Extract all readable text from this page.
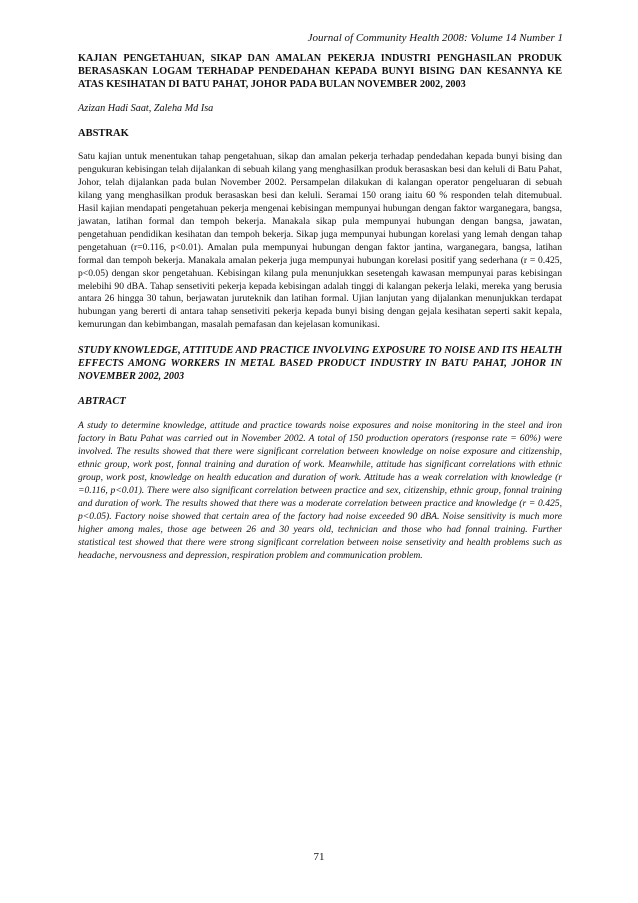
Journal of Community Health 2008: Volume 14 Number 1

KAJIAN PENGETAHUAN, SIKAP DAN AMALAN PEKERJA INDUSTRI PENGHASILAN PRODUK BERASASKAN LOGAM TERHADAP PENDEDAHAN KEPADA BUNYI BISING DAN KESANNYA KE ATAS KESIHATAN DI BATU PAHAT, JOHOR PADA BULAN NOVEMBER 2002, 2003

Azizan Hadi Saat, Zaleha Md Isa

ABSTRAK

Satu kajian untuk menentukan tahap pengetahuan, sikap dan amalan pekerja terhadap pendedahan kepada bunyi bising dan pengukuran kebisingan telah dijalankan di sebuah kilang yang menghasilkan produk berasaskan besi dan keluli di Batu Pahat, Johor, telah dijalankan pada bulan November 2002. Persampelan dilakukan di kalangan operator pengeluaran di sebuah kilang yang menghasilkan produk berasaskan besi dan keluli. Seramai 150 orang iaitu 60 % responden telah ditemubual. Hasil kajian mendapati pengetahuan pekerja mengenai kebisingan mempunyai hubungan dengan faktor warganegara, bangsa, jawatan, latihan formal dan tempoh bekerja. Manakala sikap pula mempunyai hubungan dengan bangsa, jawatan, pengetahuan pendidikan kesihatan dan tempoh bekerja. Sikap juga mempunyai hubungan korelasi yang lemah dengan tahap pengetahuan (r=0.116, p<0.01). Amalan pula mempunyai hubungan dengan faktor jantina, warganegara, bangsa, latihan formal dan tempoh bekerja. Manakala amalan pekerja juga mempunyai hubungan korelasi positif yang sederhana (r = 0.425, p<0.05) dengan skor pengetahuan. Kebisingan kilang pula menunjukkan sesetengah kawasan mempunyai paras kebisingan melebihi 90 dBA. Tahap sensetiviti pekerja kepada kebisingan adalah tinggi di kalangan pekerja lelaki, mereka yang berusia antara 26 hingga 30 tahun, berjawatan juruteknik dan latihan formal. Ujian lanjutan yang dijalankan menunjukkan terdapat hubungan yang bererti di antara tahap sensetiviti pekerja kepada bunyi bising dengan gejala kesihatan seperti sakit kepala, kemurungan dan kebimbangan, masalah pemafasan dan kejelasan komunikasi.

STUDY KNOWLEDGE, ATTITUDE AND PRACTICE INVOLVING EXPOSURE TO NOISE AND ITS HEALTH EFFECTS AMONG WORKERS IN METAL BASED PRODUCT INDUSTRY IN BATU PAHAT, JOHOR IN NOVEMBER 2002, 2003

ABTRACT

A study to determine knowledge, attitude and practice towards noise exposures and noise monitoring in the steel and iron factory in Batu Pahat was carried out in November 2002. A total of 150 production operators (response rate = 60%) were involved. The results showed that there were significant correlation between knowledge on noise exposure and citizenship, ethnic group, work post, fonnal training and duration of work. Meanwhile, attitude has significant correlations with ethnic group, work post, knowledge on health education and duration of work. Attitude has a weak correlation with knowledge (r =0.116, p<0.01). There were also significant correlation between practice and sex, citizenship, ethnic group, fonnal training and duration of work. The results showed that there was a moderate correlation between practice and knowledge (r = 0.425, p<0.05). Factory noise showed that certain area of the factory had noise exceeded 90 dBA. Noise sensitivity is much more higher among males, those age between 26 and 30 years old, technician and those who had fonnal training. Further statistical test showed that there were strong significant correlation between noise sensetivity and health problems such as headache, nervousness and depression, respiration problem and communication problem.

71
